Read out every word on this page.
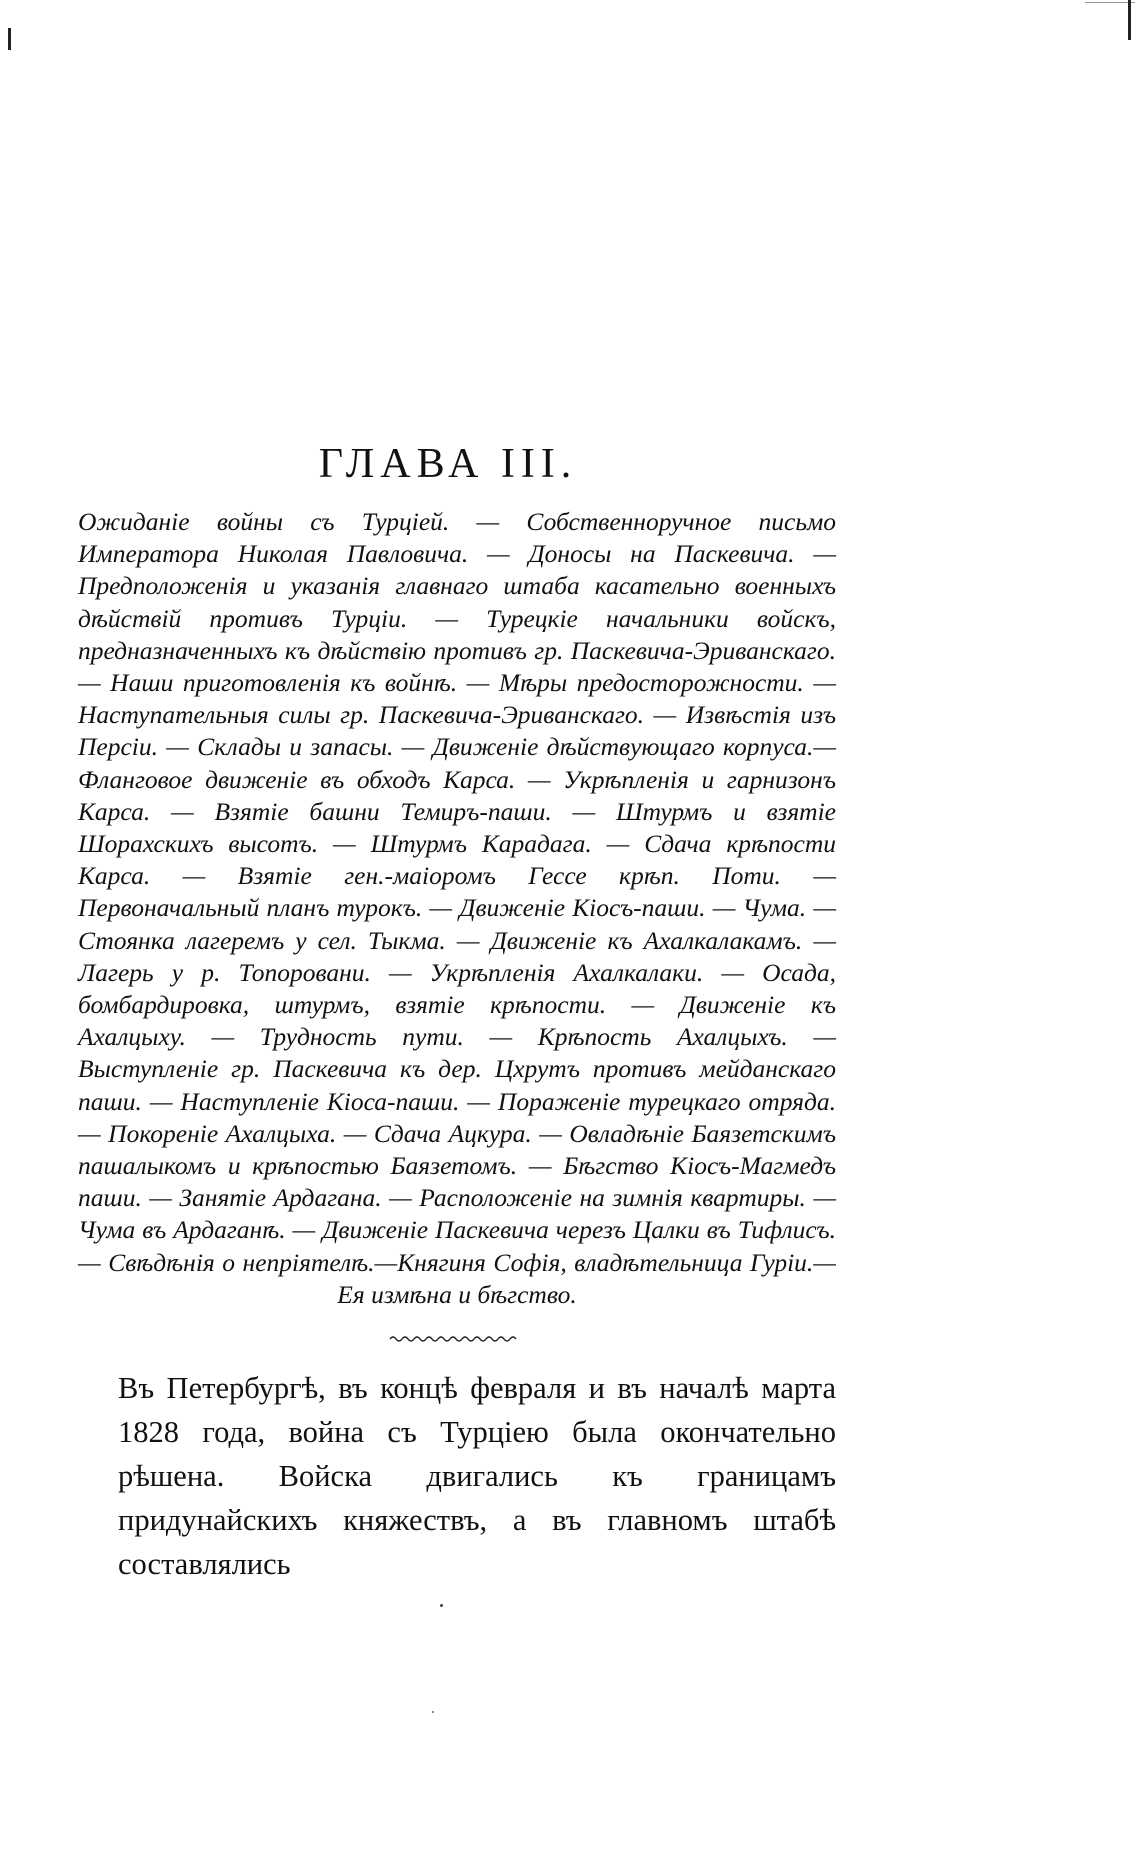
ГЛАВА III.

Ожиданіе войны съ Турціей. — Собственноручное письмо Императора Николая Павловича. — Доносы на Паскевича. — Предположенія и указанія главнаго штаба касательно военныхъ дѣйствій противъ Турціи. — Турецкіе начальники войскъ, предназначенныхъ къ дѣйствію противъ гр. Паскевича-Эриванскаго. — Наши приготовленія къ войнѣ. — Мѣры предосторожности. — Наступательныя силы гр. Паскевича-Эриванскаго. — Извѣстія изъ Персіи. — Склады и запасы. — Движеніе дѣйствующаго корпуса.—Фланговое движеніе въ обходъ Карса. — Укрѣпленія и гарнизонъ Карса. — Взятіе башни Темиръ-паши. — Штурмъ и взятіе Шорахскихъ высотъ. — Штурмъ Карадага. — Сдача крѣпости Карса. — Взятіе ген.-маіоромъ Гессе крѣп. Поти. — Первоначальный планъ турокъ. — Движеніе Кіосъ-паши. — Чума. — Стоянка лагеремъ у сел. Тыкма. — Движеніе къ Ахалкалакамъ. — Лагерь у р. Топоровани. — Укрѣпленія Ахалкалаки. — Осада, бомбардировка, штурмъ, взятіе крѣпости. — Движеніе къ Ахалцыху. — Трудность пути. — Крѣпость Ахалцыхъ. — Выступленіе гр. Паскевича къ дер. Цхрутъ противъ мейданскаго паши. — Наступленіе Кіоса-паши. — Пораженіе турецкаго отряда. — Покореніе Ахалцыха. — Сдача Ацкура. — Овладѣніе Баязетскимъ пашалыкомъ и крѣпостью Баязетомъ. — Бѣгство Кіосъ-Магмедъ паши. — Занятіе Ардагана. — Расположеніе на зимнія квартиры. — Чума въ Ардаганѣ. — Движеніе Паскевича черезъ Цалки въ Тифлисъ. — Свѣдѣнія о непріятелѣ.—Княгиня Софія, владѣтельница Гуріи.— Ея измѣна и бѣгство.

Въ Петербургѣ, въ концѣ февраля и въ началѣ марта 1828 года, война съ Турціею была окончательно рѣшена. Войска двигались къ границамъ придунайскихъ княжествъ, а въ главномъ штабѣ составлялись
